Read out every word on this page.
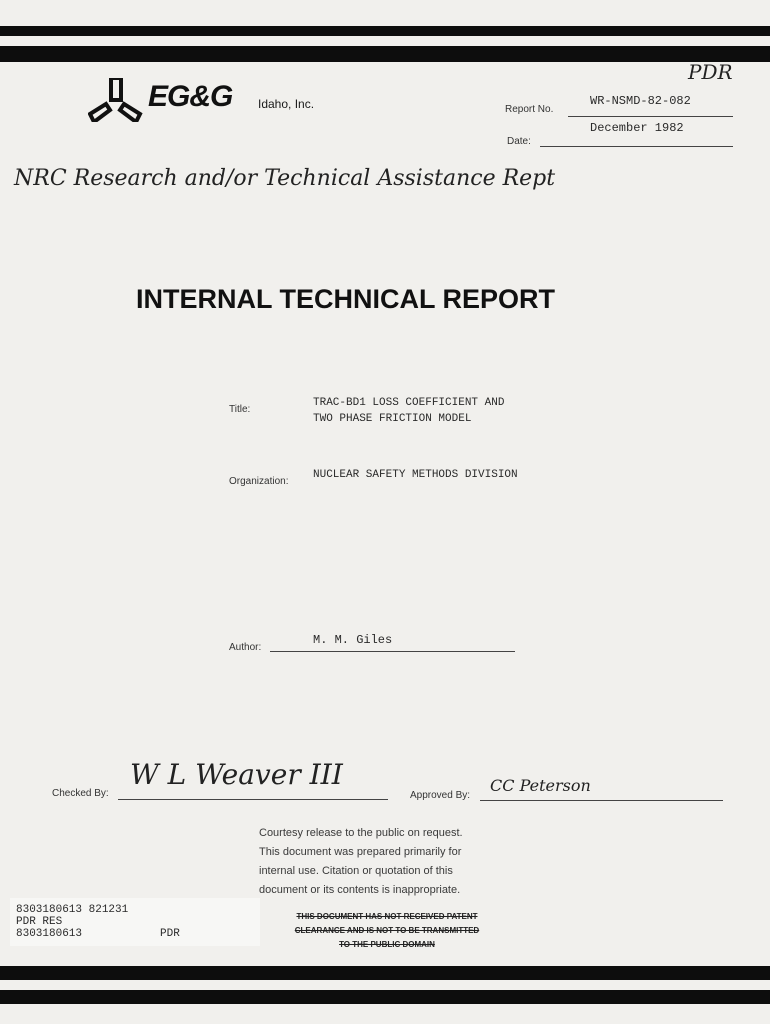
EG&G Idaho, Inc.
PDR
Report No.
WR-NSMD-82-082
Date:
December 1982
NRC Research and/or Technical Assistance Rept
INTERNAL TECHNICAL REPORT
Title:
TRAC-BD1 LOSS COEFFICIENT AND
TWO PHASE FRICTION MODEL
Organization:
NUCLEAR SAFETY METHODS DIVISION
Author:
M. M. Giles
Checked By:
W L Weaver III
Approved By:
CC Peterson
Courtesy release to the public on request.
This document was prepared primarily for
internal use. Citation or quotation of this
document or its contents is inappropriate.
THIS DOCUMENT HAS NOT RECEIVED PATENT
CLEARANCE AND IS NOT TO BE TRANSMITTED
TO THE PUBLIC DOMAIN
8303180613 821231
PDR RES
8303180613	PDR
